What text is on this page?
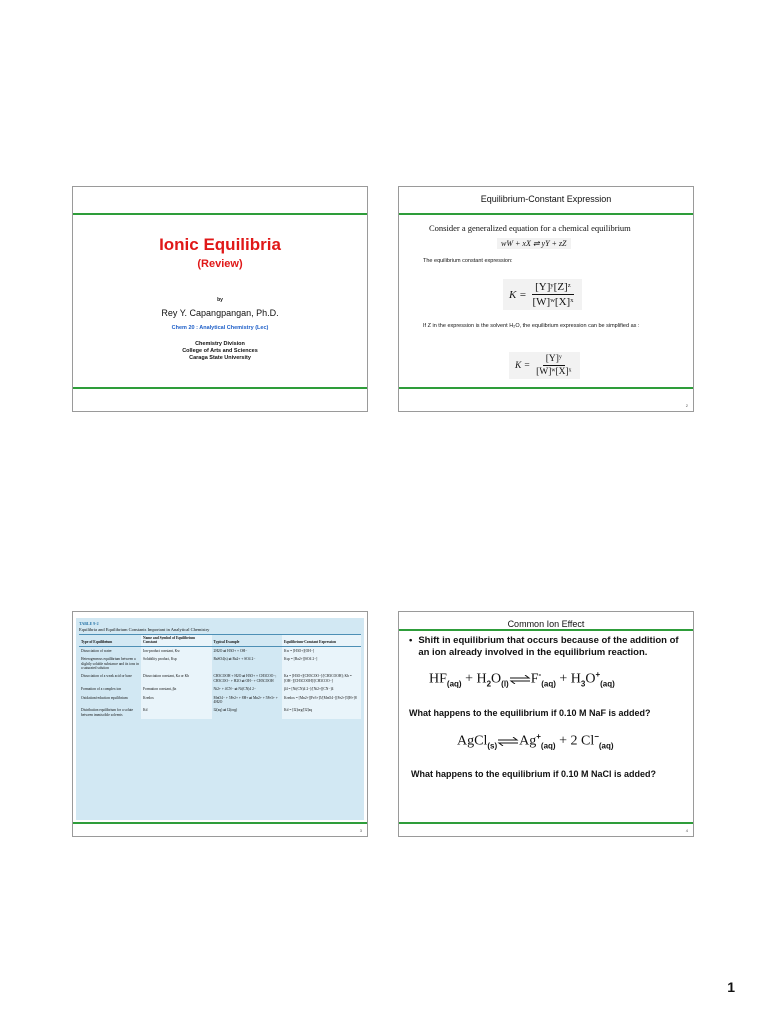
Ionic Equilibria
(Review)
by
Rey Y. Capangpangan, Ph.D.
Chem 20 : Analytical Chemistry (Lec)
Chemistry Division
College of Arts and Sciences
Caraga State University
Equilibrium-Constant Expression
Consider a generalized equation for a chemical equilibrium
wW + xX ⇌ yY + zZ
The equilibrium constant expression:
$K = \frac{\text{[Y]ʸ[Z]ᶻ}}{\text{[W]ʷ[X]ˣ}}$
If Z in the expression is the solvent H₂O, the equilibrium expression can be simplified as :
$K = \frac{\text{[Y]ʸ}}{\text{[W]ʷ[X]ˣ}}$
2
TABLE 9-2
Equilibria and Equilibrium Constants Important in Analytical Chemistry
Type of Equilibrium	Name and Symbol of Equilibrium Constant	Typical Example	Equilibrium-Constant Expression
Dissociation of water	Ion-product constant, Kw	2H2O ⇌ H3O+ + OH−	Kw = [H3O+][OH−]
Heterogeneous equilibrium between a slightly soluble substance and its ions in a saturated solution	Solubility product, Ksp	BaSO4(s) ⇌ Ba2+ + SO4 2−	Ksp = [Ba2+][SO4 2−]
Dissociation of a weak acid or base	Dissociation constant, Ka or Kb	CH3COOH + H2O ⇌ H3O+ + CH3COO−; CH3COO− + H2O ⇌ OH− + CH3COOH	Ka = [H3O+][CH3COO−]/[CH3COOH]; Kb = [OH−][CH3COOH]/[CH3COO−]
Formation of a complex ion	Formation constant, βn	Ni2+ + 4CN− ⇌ Ni(CN)4 2−	β4 = [Ni(CN)4 2−]/[Ni2+][CN−]4
Oxidation/reduction equilibrium	Kredox	MnO4− + 5Fe2+ + 8H+ ⇌ Mn2+ + 5Fe3+ + 4H2O	Kredox = [Mn2+][Fe3+]5/[MnO4−][Fe2+]5[H+]8
Distribution equilibrium for a solute between immiscible solvents	Kd	I2(aq) ⇌ I2(org)	Kd = [I2]org/[I2]aq
3
Common Ion Effect
• Shift in equilibrium that occurs because of the addition of an ion already involved in the equilibrium reaction.
$HF_{(aq)} + H_2O_{(l)}$ $\rightleftharpoons F^-_{(aq)} + H_3O^+_{(aq)}$
What happens to the equilibrium if 0.10 M NaF is added?
AgCl$_{(s)}$ $\rightleftharpoons Ag^+_{(aq)} + 2$ $Cl^-_{(aq)}$
What happens to the equilibrium if 0.10 M NaCl is added?
4
1
